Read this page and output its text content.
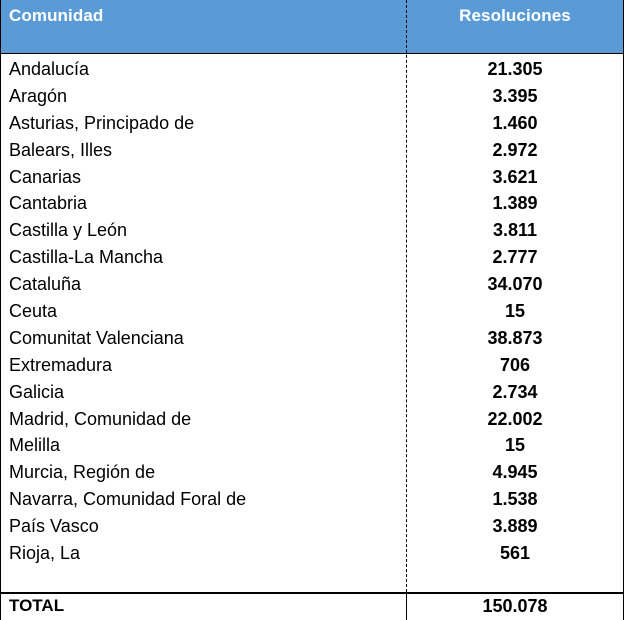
Comunidad	Resoluciones
Andalucía	21.305
Aragón	3.395
Asturias, Principado de	1.460
Balears, Illes	2.972
Canarias	3.621
Cantabria	1.389
Castilla y León	3.811
Castilla-La Mancha	2.777
Cataluña	34.070
Ceuta	15
Comunitat Valenciana	38.873
Extremadura	706
Galicia	2.734
Madrid, Comunidad de	22.002
Melilla	15
Murcia, Región de	4.945
Navarra, Comunidad Foral de	1.538
País Vasco	3.889
Rioja, La	561
TOTAL	150.078
